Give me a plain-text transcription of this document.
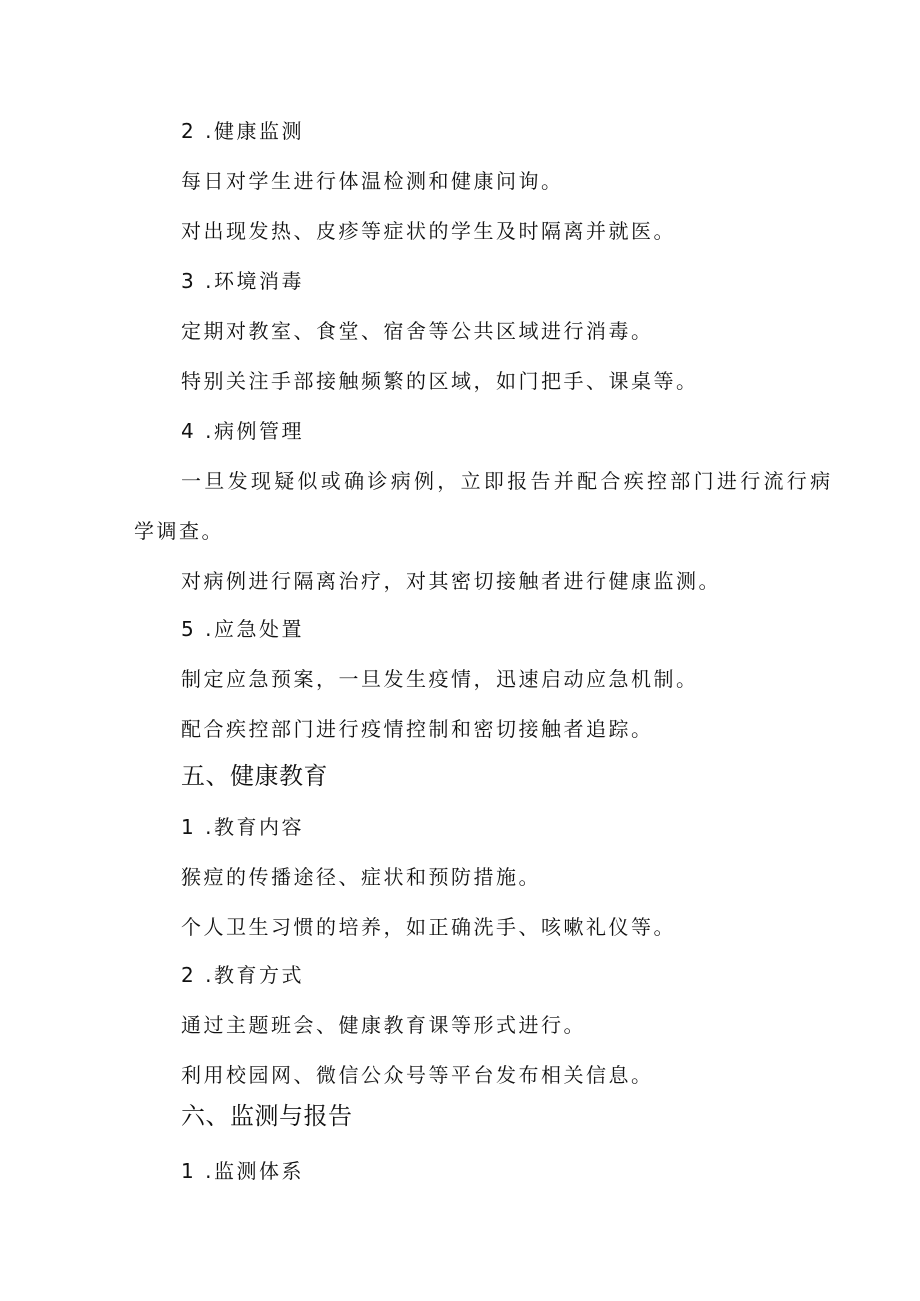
2 .健康监测
每日对学生进行体温检测和健康问询。
对出现发热、皮疹等症状的学生及时隔离并就医。
3 .环境消毒
定期对教室、食堂、宿舍等公共区域进行消毒。
特别关注手部接触频繁的区域，如门把手、课桌等。
4 .病例管理
一旦发现疑似或确诊病例，立即报告并配合疾控部门进行流行病
学调查。
对病例进行隔离治疗，对其密切接触者进行健康监测。
5 .应急处置
制定应急预案，一旦发生疫情，迅速启动应急机制。
配合疾控部门进行疫情控制和密切接触者追踪。
五、健康教育
1 .教育内容
猴痘的传播途径、症状和预防措施。
个人卫生习惯的培养，如正确洗手、咳嗽礼仪等。
2 .教育方式
通过主题班会、健康教育课等形式进行。
利用校园网、微信公众号等平台发布相关信息。
六、监测与报告
1 .监测体系
